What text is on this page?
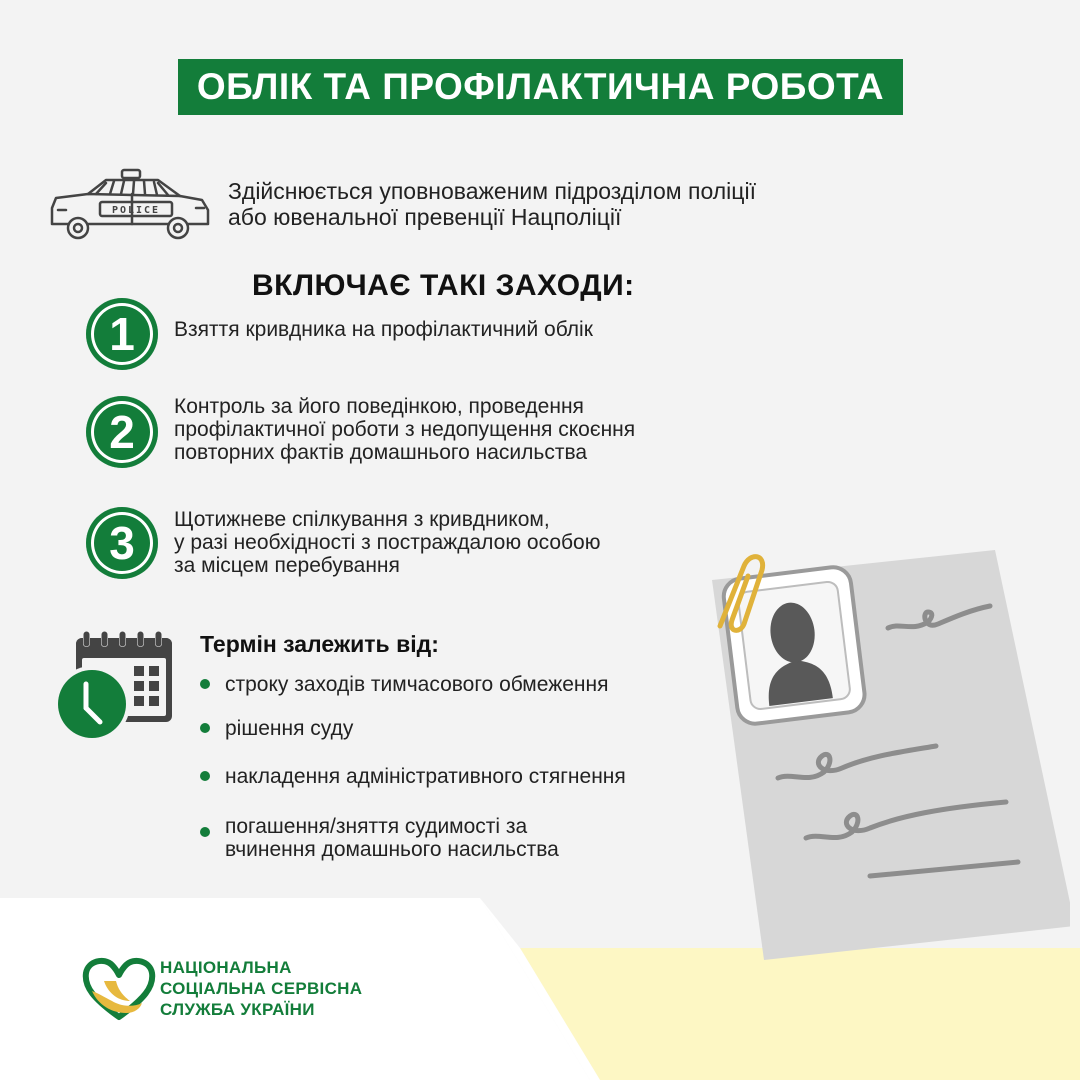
ОБЛІК ТА ПРОФІЛАКТИЧНА РОБОТА
POLICE
Здійснюється уповноваженим підрозділом поліції
або ювенальної превенції Нацполіції
ВКЛЮЧАЄ ТАКІ ЗАХОДИ:
1	Взяття кривдника на профілактичний облік
2	Контроль за його поведінкою, проведення
профілактичної роботи з недопущення скоєння
повторних фактів домашнього насильства
3	Щотижневе спілкування з кривдником,
у разі необхідності з постраждалою особою
за місцем перебування
Термін залежить від:
строку заходів тимчасового обмеження
рішення суду
накладення адміністративного стягнення
погашення/зняття судимості за
вчинення домашнього насильства
НАЦІОНАЛЬНА
СОЦІАЛЬНА СЕРВІСНА
СЛУЖБА УКРАЇНИ
